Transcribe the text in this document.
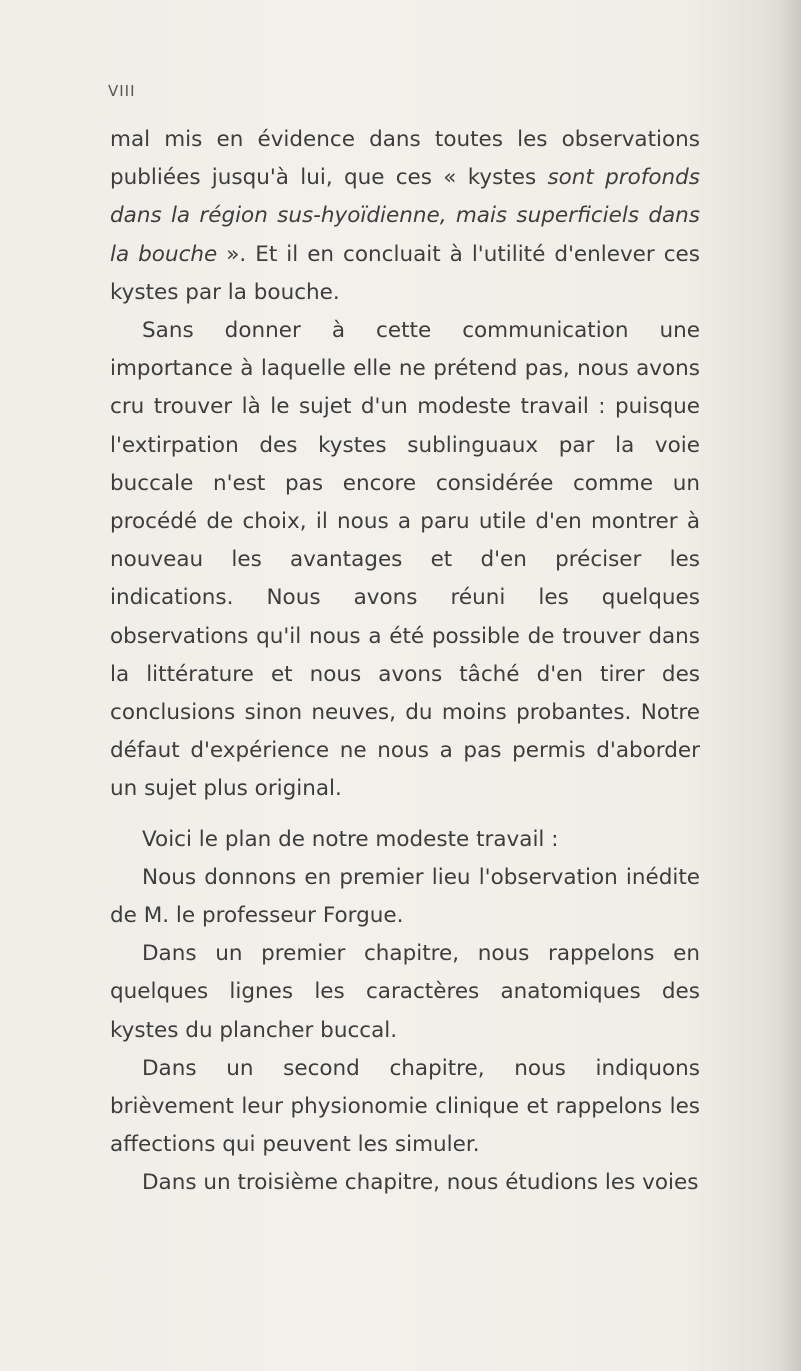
VIII

mal mis en évidence dans toutes les observations publiées jusqu'à lui, que ces « kystes sont profonds dans la région sus-hyoïdienne, mais superficiels dans la bouche ». Et il en concluait à l'utilité d'enlever ces kystes par la bouche.

Sans donner à cette communication une importance à laquelle elle ne prétend pas, nous avons cru trouver là le sujet d'un modeste travail : puisque l'extirpation des kystes sublinguaux par la voie buccale n'est pas encore considérée comme un procédé de choix, il nous a paru utile d'en montrer à nouveau les avantages et d'en préciser les indications. Nous avons réuni les quelques observations qu'il nous a été possible de trouver dans la littérature et nous avons tâché d'en tirer des conclusions sinon neuves, du moins probantes. Notre défaut d'expérience ne nous a pas permis d'aborder un sujet plus original.

Voici le plan de notre modeste travail :

Nous donnons en premier lieu l'observation inédite de M. le professeur Forgue.

Dans un premier chapitre, nous rappelons en quelques lignes les caractères anatomiques des kystes du plancher buccal.

Dans un second chapitre, nous indiquons brièvement leur physionomie clinique et rappelons les affections qui peuvent les simuler.

Dans un troisième chapitre, nous étudions les voies
